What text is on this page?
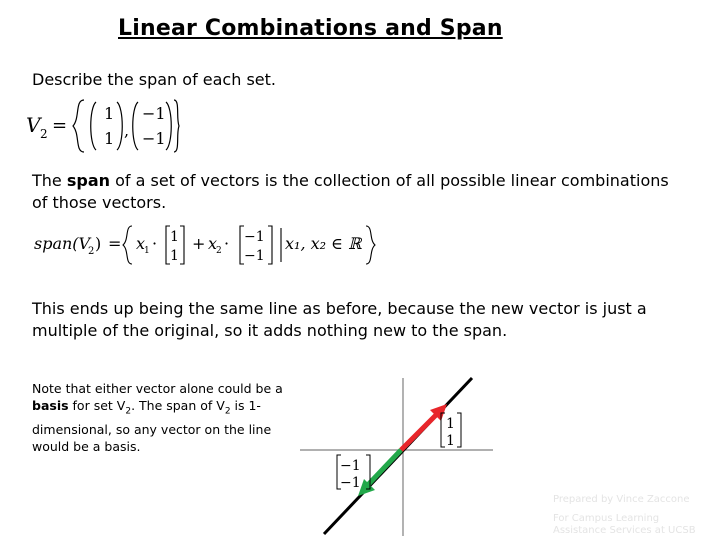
Linear Combinations and Span
Describe the span of each set.
V 2 =
1
1 ,
−1
−1
The span of a set of vectors is the collection of all possible linear combinations of those vectors.
span(V
2 ) = x
1 · 1
1
+ x
2 · −1
−1
x₁, x₂ ∈ ℝ
This ends up being the same line as before, because the new vector is just a multiple of the original, so it adds nothing new to the span.
Note that either vector alone could be a basis for set $V_2$. The span of $V_2$ is 1-dimensional, so any vector on the line would be a basis.
1
1
−1
−1
Prepared by Vince Zaccone
For Campus Learning
Assistance Services at UCSB
